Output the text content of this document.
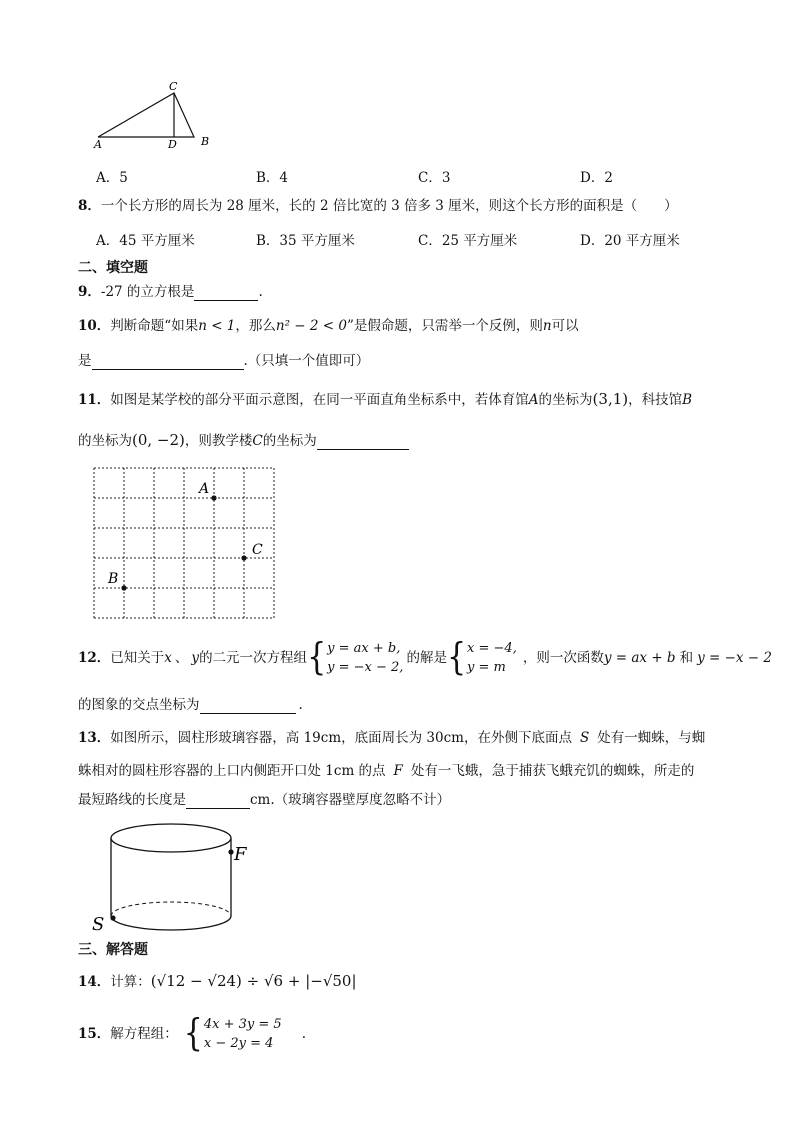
C
A	D B
A．5	B．4	C．3	D．2
8．一个长方形的周长为 28 厘米，长的 2 倍比宽的 3 倍多 3 厘米，则这个长方形的面积是（　　）
A．45 平方厘米	B．35 平方厘米	C．25 平方厘米	D．20 平方厘米
二、填空题
9．-27 的立方根是	.
10．判断命题“如果n < 1，那么n² − 2 < 0”是假命题，只需举一个反例，则n可以
是	.（只填一个值即可）
11．如图是某学校的部分平面示意图，在同一平面直角坐标系中，若体育馆A的坐标为(3,1)，科技馆B
的坐标为(0, −2)，则教学楼C的坐标为
A
C
B
12． 已知关于 x 、 y 的二元一次方程组 { y = ax + b,
y = −x − 2,
的解是 { x = −4,
y = m
，则一次函数 y = ax + b 和 y = −x − 2
的图象的交点坐标为	.
13．如图所示，圆柱形玻璃容器，高 19cm，底面周长为 30cm，在外侧下底面点 S 处有一蜘蛛，与蜘
蛛相对的圆柱形容器的上口内侧距开口处 1cm 的点 F 处有一飞蛾，急于捕获飞蛾充饥的蜘蛛，所走的
最短路线的长度是	cm.（玻璃容器壁厚度忽略不计）
F
S
三、解答题
14．计算：(√12 − √24) ÷ √6 + |−√50|
15． 解方程组： { 4x + 3y = 5
x − 2y = 4
.
